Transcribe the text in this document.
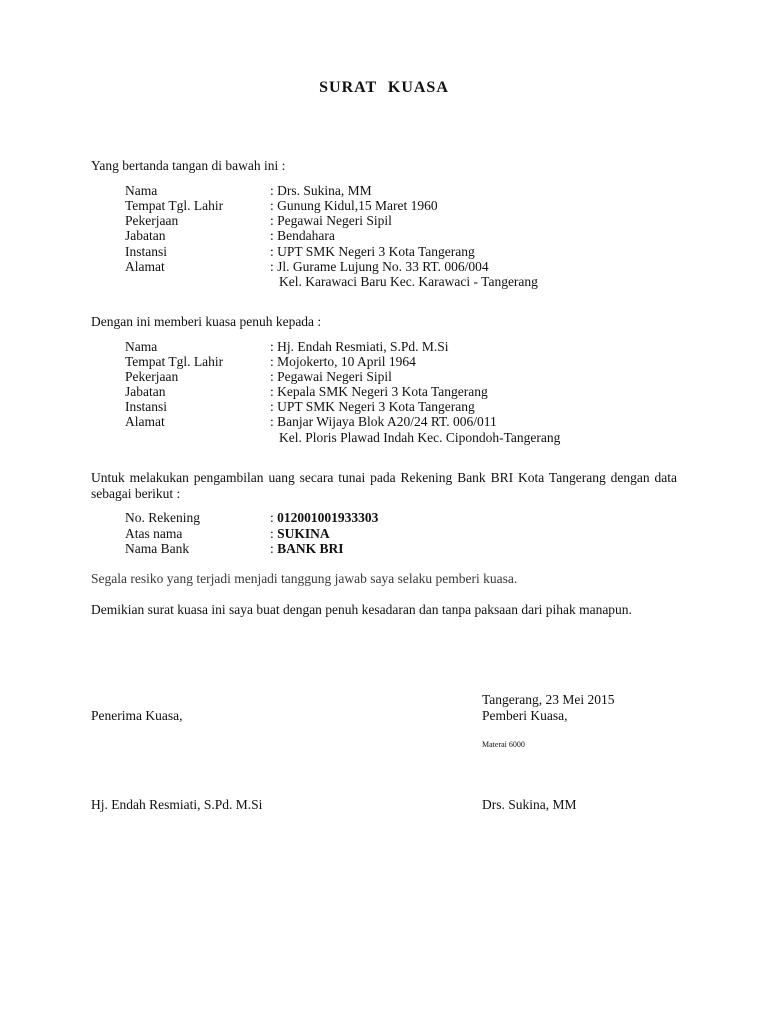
SURAT KUASA
Yang bertanda tangan di bawah ini :
Nama	: Drs. Sukina, MM
Tempat Tgl. Lahir	: Gunung Kidul,15 Maret 1960
Pekerjaan	: Pegawai Negeri Sipil
Jabatan	: Bendahara
Instansi	: UPT SMK Negeri 3 Kota Tangerang
Alamat	: Jl. Gurame Lujung No. 33 RT. 006/004
Kel. Karawaci Baru Kec. Karawaci - Tangerang
Dengan ini memberi kuasa penuh kepada :
Nama	: Hj. Endah Resmiati, S.Pd. M.Si
Tempat Tgl. Lahir	: Mojokerto, 10 April 1964
Pekerjaan	: Pegawai Negeri Sipil
Jabatan	: Kepala SMK Negeri 3 Kota Tangerang
Instansi	: UPT SMK Negeri 3 Kota Tangerang
Alamat	: Banjar Wijaya Blok A20/24 RT. 006/011
Kel. Ploris Plawad Indah Kec. Cipondoh-Tangerang
Untuk melakukan pengambilan uang secara tunai pada Rekening Bank BRI Kota Tangerang dengan data sebagai berikut :
No. Rekening	: 012001001933303
Atas nama	: SUKINA
Nama Bank	: BANK BRI
Segala resiko yang terjadi menjadi tanggung jawab saya selaku pemberi kuasa.
Demikian surat kuasa ini saya buat dengan penuh kesadaran dan tanpa paksaan dari pihak manapun.
Tangerang, 23 Mei 2015
Penerima Kuasa,	Pemberi Kuasa,
Materai 6000
Hj. Endah Resmiati, S.Pd. M.Si	Drs. Sukina, MM
